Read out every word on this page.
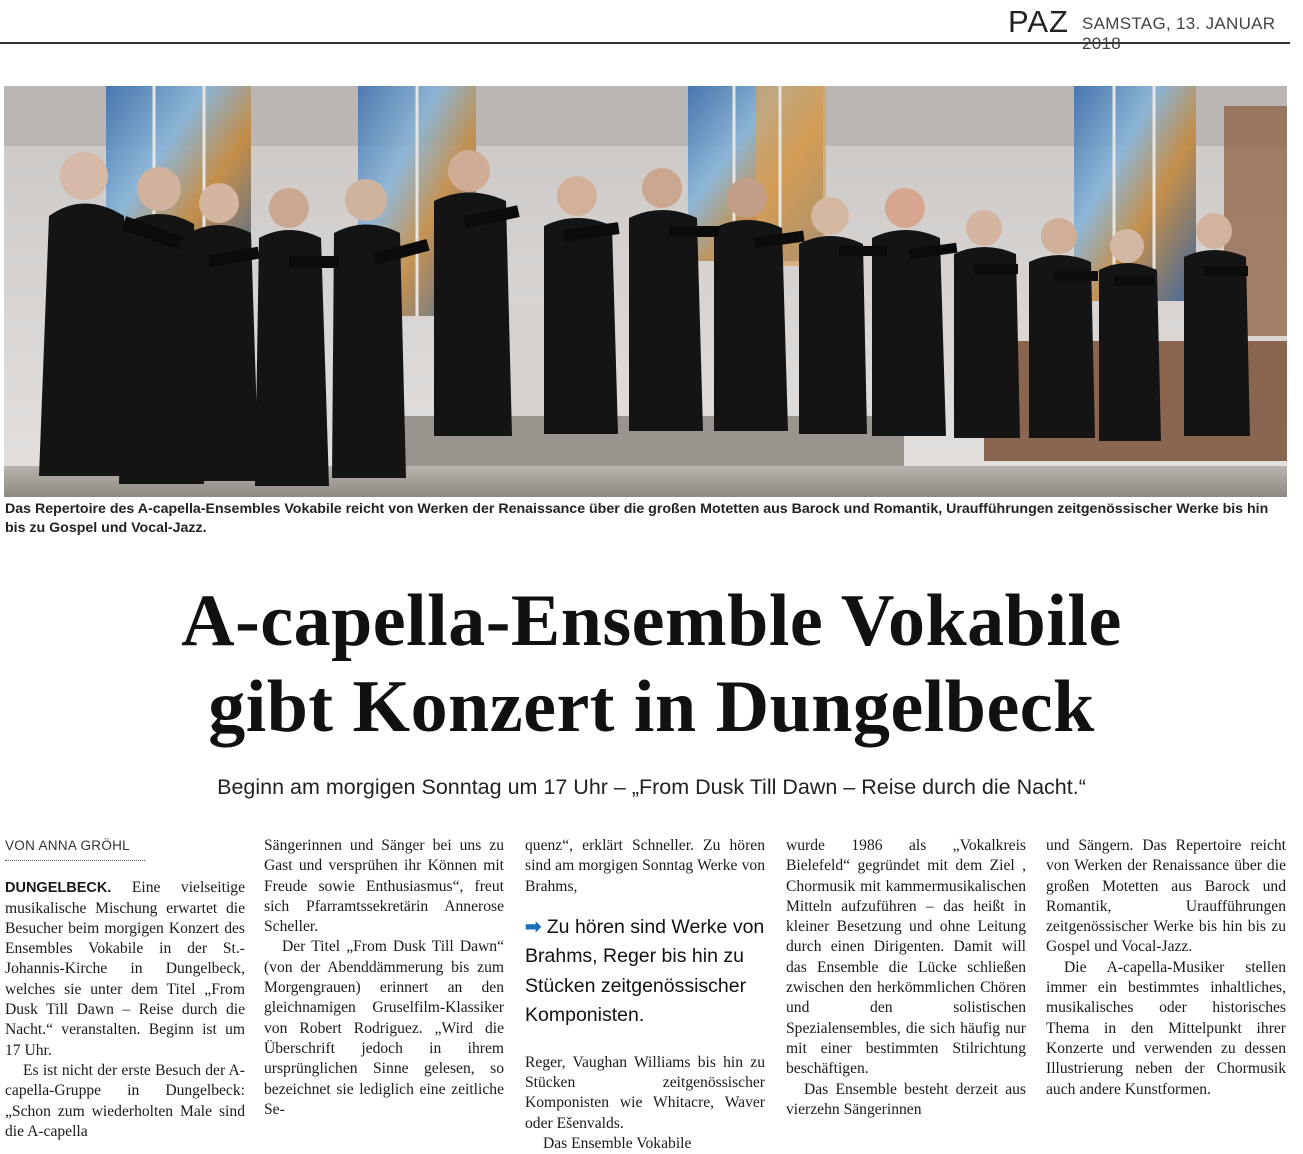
PAZ SAMSTAG, 13. JANUAR 2018
Das Repertoire des A-capella-Ensembles Vokabile reicht von Werken der Renaissance über die großen Motetten aus Barock und Romantik, Uraufführungen zeitgenössischer Werke bis hin bis zu Gospel und Vocal-Jazz.
A-capella-Ensemble Vokabile
gibt Konzert in Dungelbeck
Beginn am morgigen Sonntag um 17 Uhr – „From Dusk Till Dawn – Reise durch die Nacht.“
VON ANNA GRÖHL

DUNGELBECK. Eine vielseitige musikalische Mischung erwartet die Besucher beim morgigen Konzert des Ensembles Vokabile in der St.-Johannis-Kirche in Dungelbeck, welches sie unter dem Titel „From Dusk Till Dawn – Reise durch die Nacht.“ veranstalten. Beginn ist um 17 Uhr.

Es ist nicht der erste Besuch der A-capella-Gruppe in Dungelbeck: „Schon zum wiederholten Male sind die A-capella

Sängerinnen und Sänger bei uns zu Gast und versprühen ihr Können mit Freude sowie Enthusiasmus“, freut sich Pfarramtssekretärin Annerose Scheller.

Der Titel „From Dusk Till Dawn“ (von der Abenddämmerung bis zum Morgengrauen) erinnert an den gleichnamigen Gruselfilm-Klassiker von Robert Rodriguez. „Wird die Überschrift jedoch in ihrem ursprünglichen Sinne gelesen, so bezeichnet sie lediglich eine zeitliche Se-

quenz“, erklärt Schneller. Zu hören sind am morgigen Sonntag Werke von Brahms,

➡ Zu hören sind Werke von Brahms, Reger bis hin zu Stücken zeitgenössischer Komponisten.

Reger, Vaughan Williams bis hin zu Stücken zeitgenössischer Komponisten wie Whitacre, Waver oder Ešenvalds.

Das Ensemble Vokabile

wurde 1986 als „Vokalkreis Bielefeld“ gegründet mit dem Ziel , Chormusik mit kammermusikalischen Mitteln aufzuführen – das heißt in kleiner Besetzung und ohne Leitung durch einen Dirigenten. Damit will das Ensemble die Lücke schließen zwischen den herkömmlichen Chören und den solistischen Spezialensembles, die sich häufig nur mit einer bestimmten Stilrichtung beschäftigen.

Das Ensemble besteht derzeit aus vierzehn Sängerinnen

und Sängern. Das Repertoire reicht von Werken der Renaissance über die großen Motetten aus Barock und Romantik, Uraufführungen zeitgenössischer Werke bis hin bis zu Gospel und Vocal-Jazz.

Die A-capella-Musiker stellen immer ein bestimmtes inhaltliches, musikalisches oder historisches Thema in den Mittelpunkt ihrer Konzerte und verwenden zu dessen Illustrierung neben der Chormusik auch andere Kunstformen.
